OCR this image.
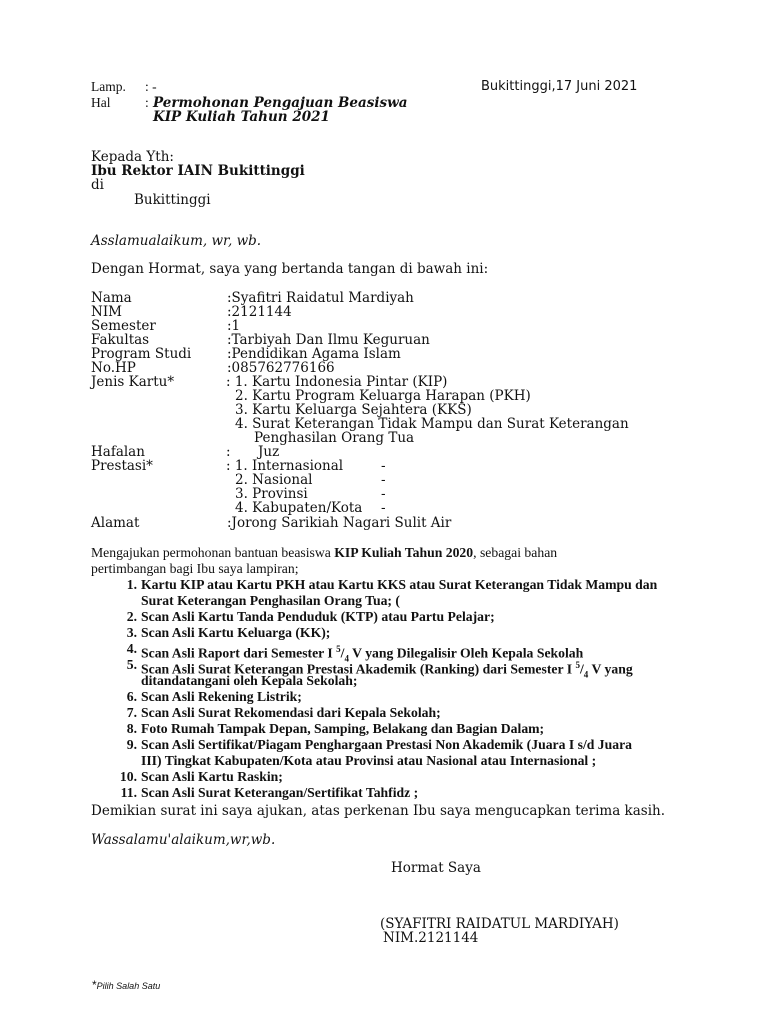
Lamp. : -
Hal	: Permohonan Pengajuan Beasiswa
KIP Kuliah Tahun 2021
Bukittinggi,17 Juni 2021
Kepada Yth:
Ibu Rektor IAIN Bukittinggi
di
Bukittinggi
Asslamualaikum, wr, wb.
Dengan Hormat, saya yang bertanda tangan di bawah ini:
Nama	:Syafitri Raidatul Mardiyah
NIM	:2121144
Semester	:1
Fakultas	:Tarbiyah Dan Ilmu Keguruan
Program Studi	:Pendidikan Agama Islam
No.HP	:085762776166
Jenis Kartu*	: 1. Kartu Indonesia Pintar (KIP)
2. Kartu Program Keluarga Harapan (PKH)
3. Kartu Keluarga Sejahtera (KKS)
4. Surat Keterangan Tidak Mampu dan Surat Keterangan
Penghasilan Orang Tua
Hafalan	: Juz
Prestasi*	: 1. Internasional	-
2. Nasional	-
3. Provinsi	-
4. Kabupaten/Kota -
Alamat	:Jorong Sarikiah Nagari Sulit Air
Mengajukan permohonan bantuan beasiswa KIP Kuliah Tahun 2020, sebagai bahan
pertimbangan bagi Ibu saya lampiran;
1. Kartu KIP atau Kartu PKH atau Kartu KKS atau Surat Keterangan Tidak Mampu dan
Surat Keterangan Penghasilan Orang Tua; (
2. Scan Asli Kartu Tanda Penduduk (KTP) atau Partu Pelajar;
3. Scan Asli Kartu Keluarga (KK);
4. Scan Asli Raport dari Semester I $^5/_4$ V yang Dilegalisir Oleh Kepala Sekolah
5. Scan Asli Surat Keterangan Prestasi Akademik (Ranking) dari Semester I $^5/_4$ V yang
ditandatangani oleh Kepala Sekolah;
6. Scan Asli Rekening Listrik;
7. Scan Asli Surat Rekomendasi dari Kepala Sekolah;
8. Foto Rumah Tampak Depan, Samping, Belakang dan Bagian Dalam;
9. Scan Asli Sertifikat/Piagam Penghargaan Prestasi Non Akademik (Juara I s/d Juara
III) Tingkat Kabupaten/Kota atau Provinsi atau Nasional atau Internasional ;
10. Scan Asli Kartu Raskin;
11. Scan Asli Surat Keterangan/Sertifikat Tahfidz ;
Demikian surat ini saya ajukan, atas perkenan Ibu saya mengucapkan terima kasih.
Wassalamu'alaikum,wr,wb.
Hormat Saya
(SYAFITRI RAIDATUL MARDIYAH)
NIM.2121144
*Pilih Salah Satu
